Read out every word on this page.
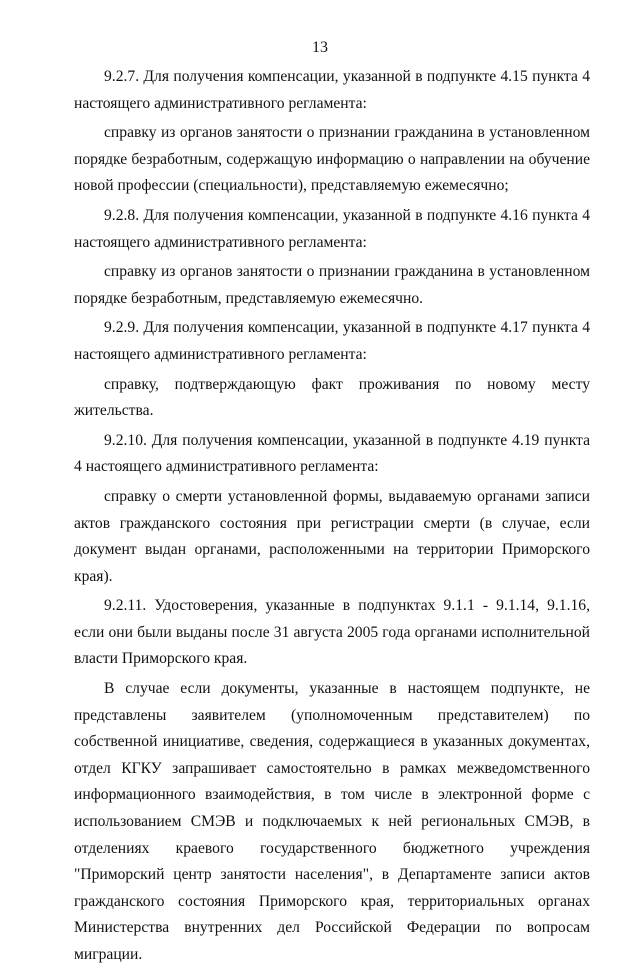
13

9.2.7. Для получения компенсации, указанной в подпункте 4.15 пункта 4 настоящего административного регламента:

справку из органов занятости о признании гражданина в установленном порядке безработным, содержащую информацию о направлении на обучение новой профессии (специальности), представляемую ежемесячно;

9.2.8. Для получения компенсации, указанной в подпункте 4.16 пункта 4 настоящего административного регламента:

справку из органов занятости о признании гражданина в установленном порядке безработным, представляемую ежемесячно.

9.2.9. Для получения компенсации, указанной в подпункте 4.17 пункта 4 настоящего административного регламента:

справку, подтверждающую факт проживания по новому месту жительства.

9.2.10. Для получения компенсации, указанной в подпункте 4.19 пункта 4 настоящего административного регламента:

справку о смерти установленной формы, выдаваемую органами записи актов гражданского состояния при регистрации смерти (в случае, если документ выдан органами, расположенными на территории Приморского края).

9.2.11. Удостоверения, указанные в подпунктах 9.1.1 - 9.1.14, 9.1.16, если они были выданы после 31 августа 2005 года органами исполнительной власти Приморского края.

В случае если документы, указанные в настоящем подпункте, не представлены заявителем (уполномоченным представителем) по собственной инициативе, сведения, содержащиеся в указанных документах, отдел КГКУ запрашивает самостоятельно в рамках межведомственного информационного взаимодействия, в том числе в электронной форме с использованием СМЭВ и подключаемых к ней региональных СМЭВ, в отделениях краевого государственного бюджетного учреждения "Приморский центр занятости населения", в Департаменте записи актов гражданского состояния Приморского края, территориальных органах Министерства внутренних дел Российской Федерации по вопросам миграции.
